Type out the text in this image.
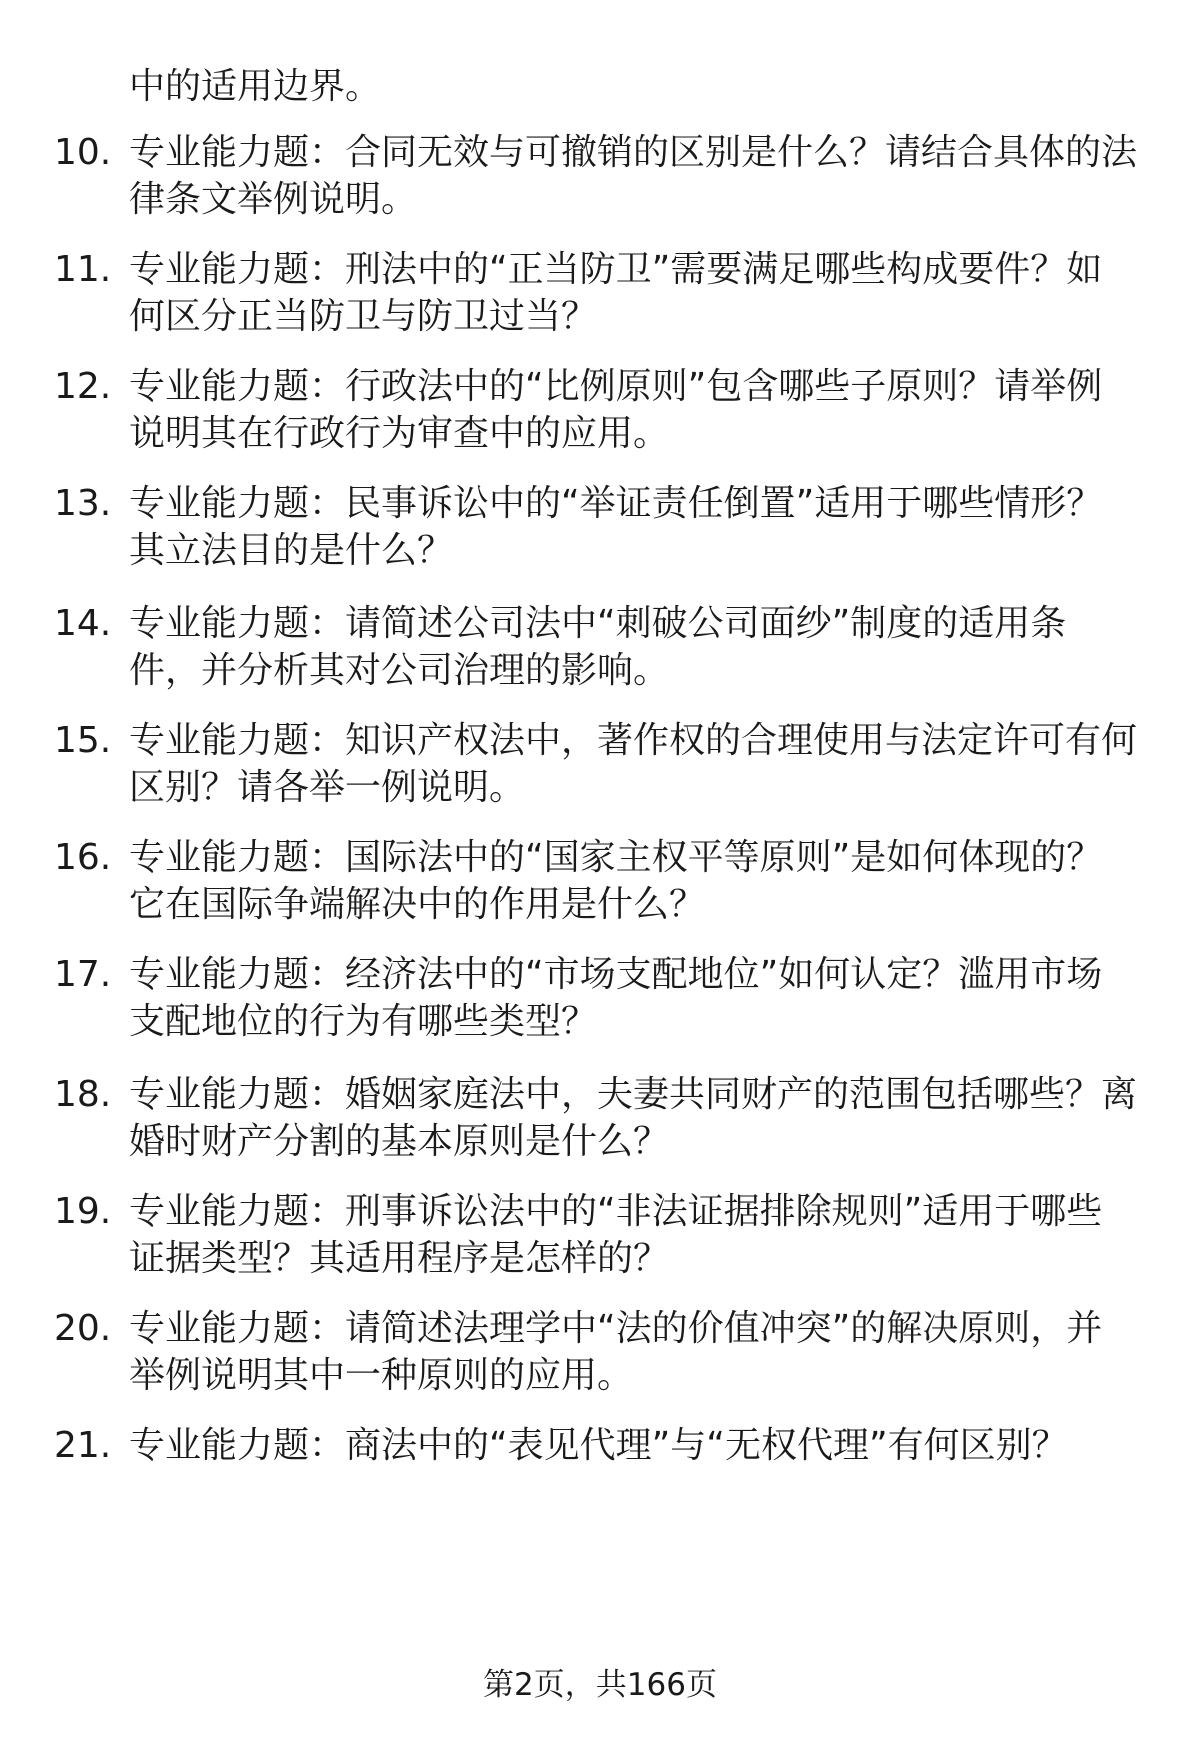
中的适用边界。
10. 专业能力题：合同无效与可撤销的区别是什么？请结合具体的法
律条文举例说明。
11. 专业能力题：刑法中的“正当防卫”需要满足哪些构成要件？如
何区分正当防卫与防卫过当？
12. 专业能力题：行政法中的“比例原则”包含哪些子原则？请举例
说明其在行政行为审查中的应用。
13. 专业能力题：民事诉讼中的“举证责任倒置”适用于哪些情形？
其立法目的是什么？
14. 专业能力题：请简述公司法中“刺破公司面纱”制度的适用条
件，并分析其对公司治理的影响。
15. 专业能力题：知识产权法中，著作权的合理使用与法定许可有何
区别？请各举一例说明。
16. 专业能力题：国际法中的“国家主权平等原则”是如何体现的？
它在国际争端解决中的作用是什么？
17. 专业能力题：经济法中的“市场支配地位”如何认定？滥用市场
支配地位的行为有哪些类型？
18. 专业能力题：婚姻家庭法中，夫妻共同财产的范围包括哪些？离
婚时财产分割的基本原则是什么？
19. 专业能力题：刑事诉讼法中的“非法证据排除规则”适用于哪些
证据类型？其适用程序是怎样的？
20. 专业能力题：请简述法理学中“法的价值冲突”的解决原则，并
举例说明其中一种原则的应用。
21. 专业能力题：商法中的“表见代理”与“无权代理”有何区别？
第2页，共166页
